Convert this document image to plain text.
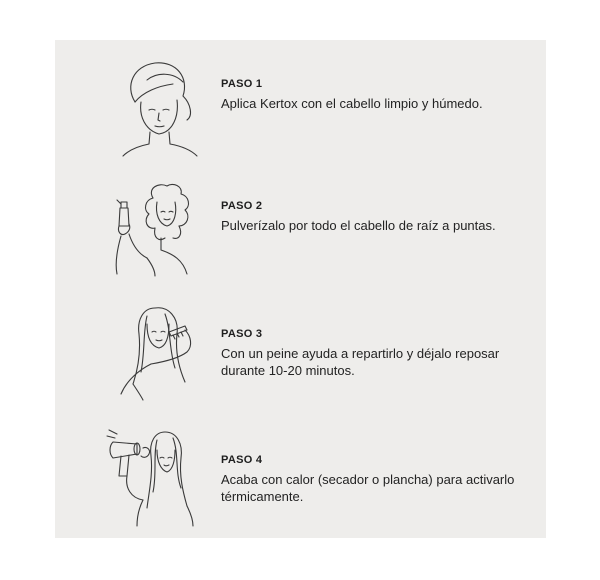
PASO 1
Aplica Kertox con el cabello limpio y húmedo.
PASO 2
Pulverízalo por todo el cabello de raíz a puntas.
PASO 3
Con un peine ayuda a repartirlo y déjalo reposar durante 10-20 minutos.
PASO 4
Acaba con calor (secador o plancha) para activarlo térmicamente.
